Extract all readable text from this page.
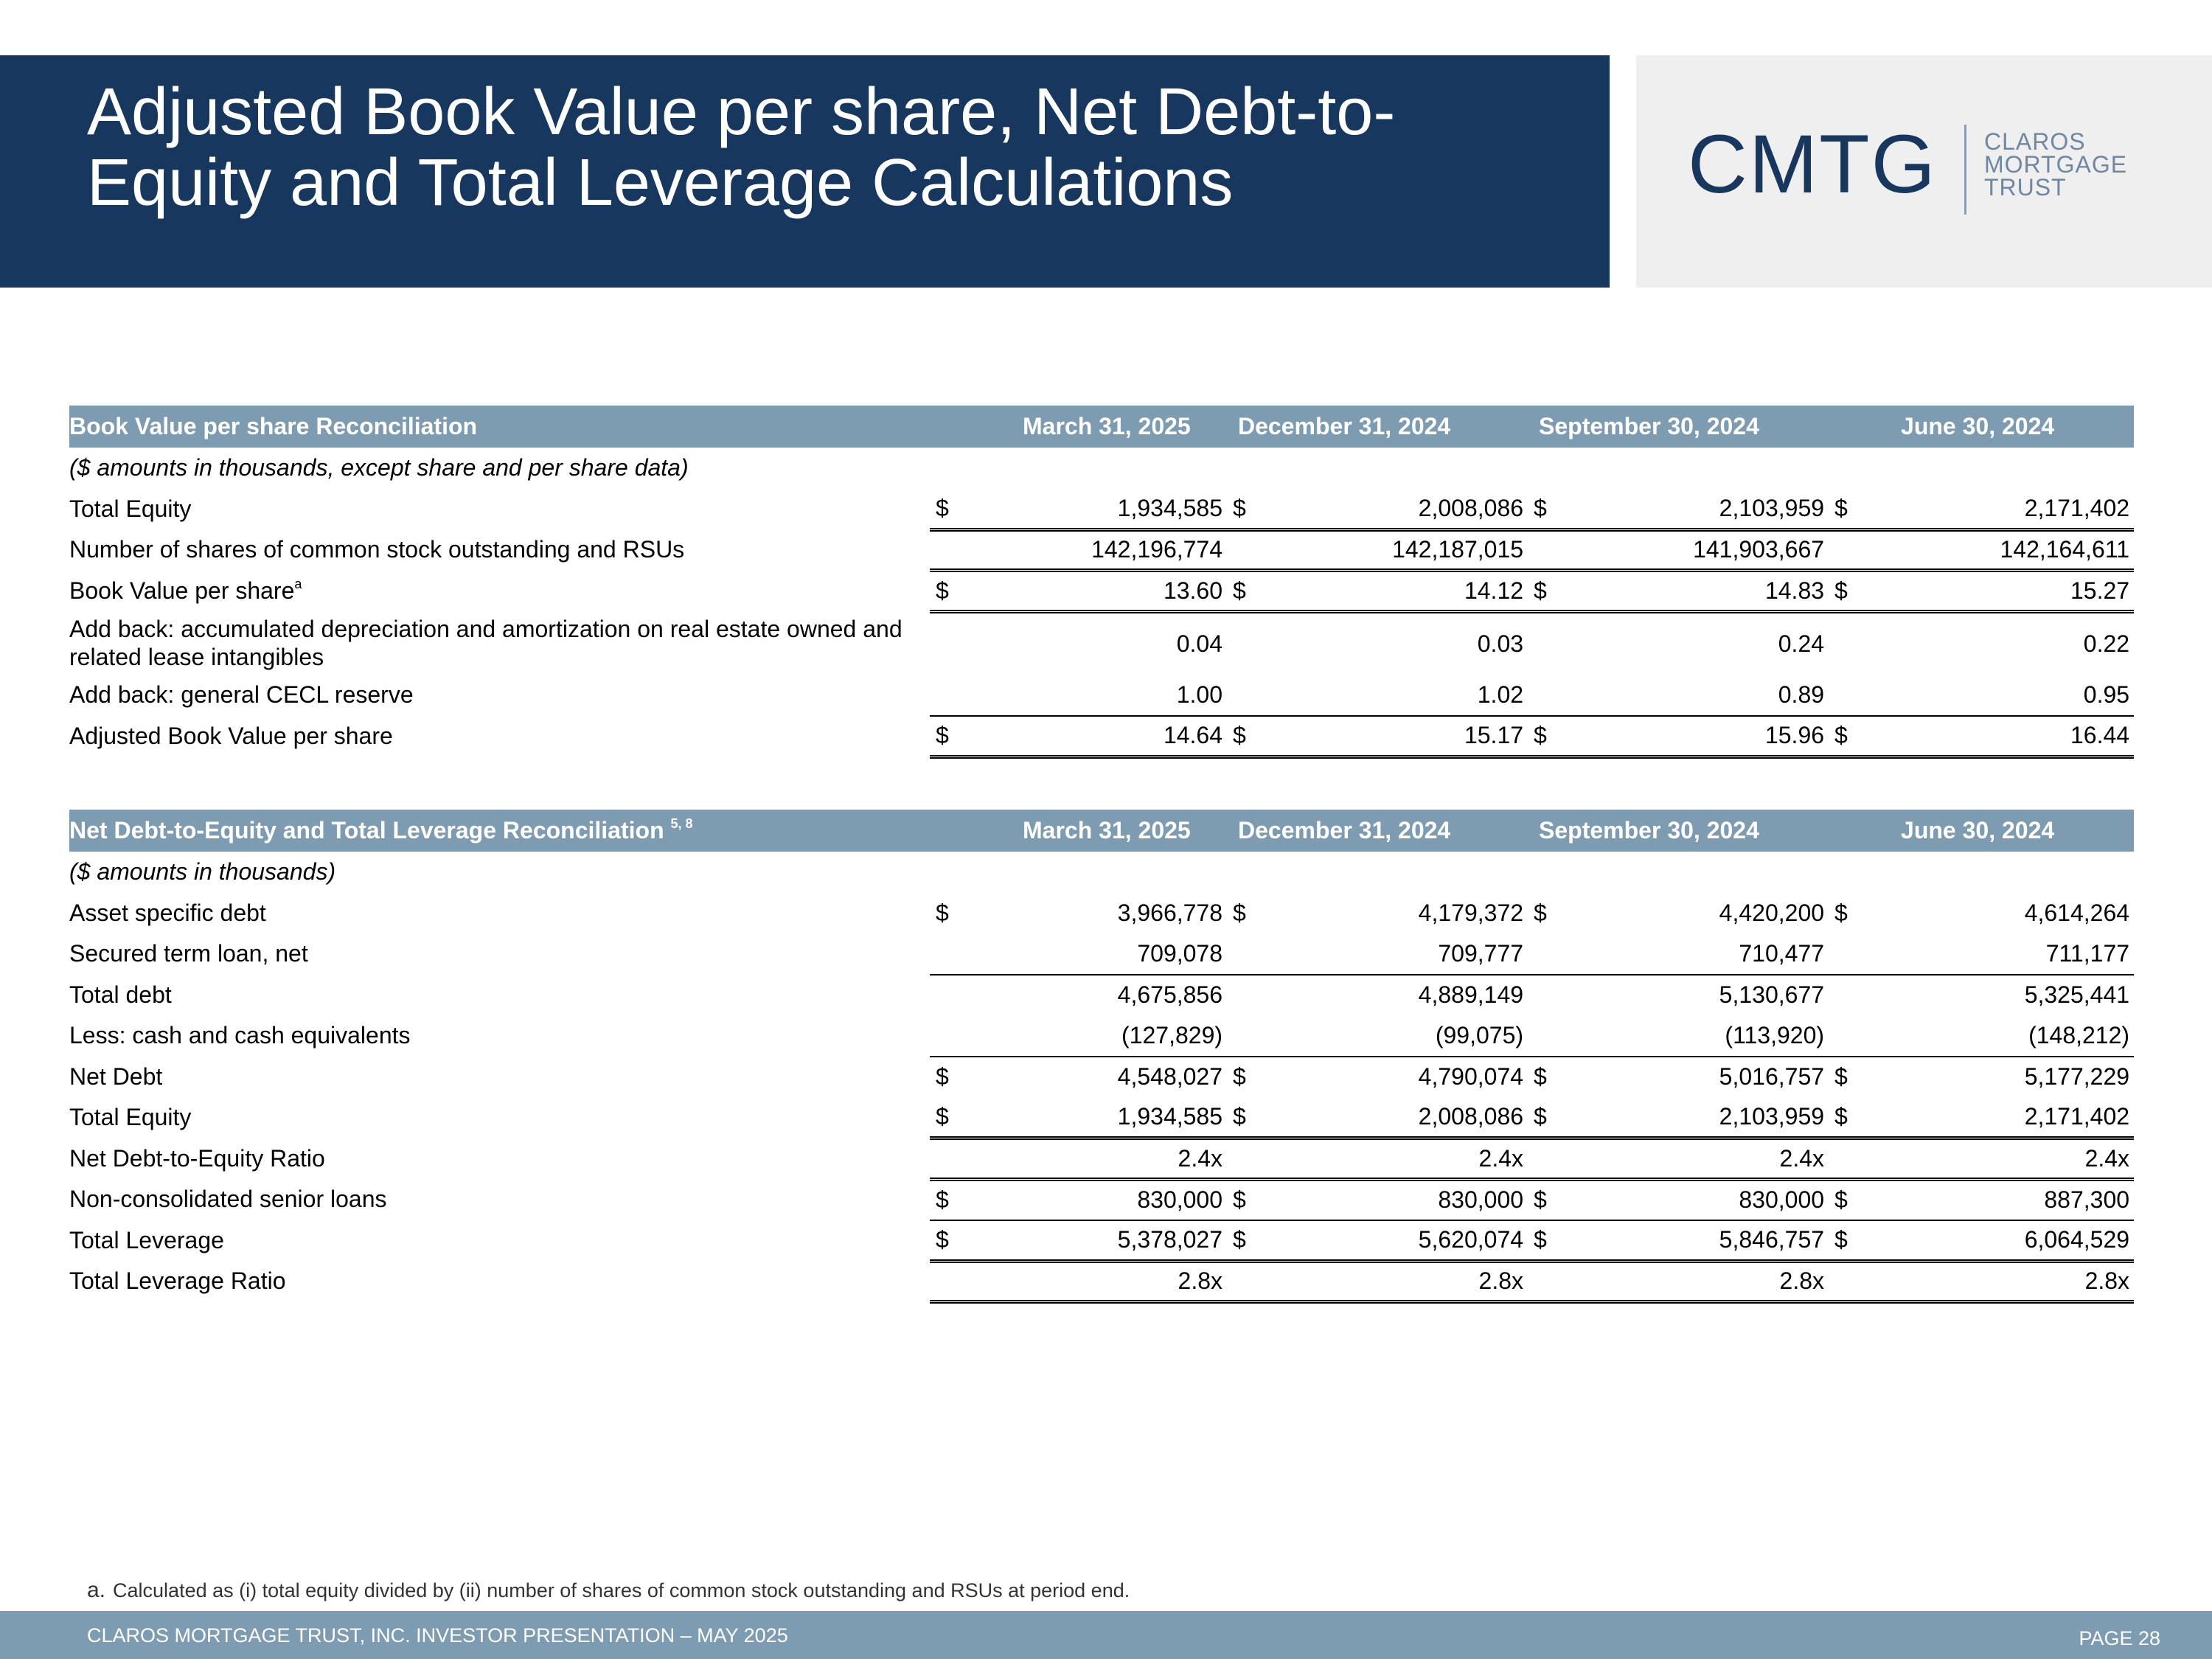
Adjusted Book Value per share, Net Debt-to-Equity and Total Leverage Calculations	CMTG CLAROS
MORTGAGE
TRUST
Book Value per share Reconciliation	March 31, 2025		December 31, 2024		September 30, 2024		June 30, 2024	
($ amounts in thousands, except share and per share data)								
Total Equity	$	1,934,585	$	2,008,086	$	2,103,959	$	2,171,402
Number of shares of common stock outstanding and RSUs		142,196,774		142,187,015		141,903,667		142,164,611
Book Value per share$^a$	$	13.60	$	14.12	$	14.83	$	15.27
Add back: accumulated depreciation and amortization on real estate owned and related lease intangibles		0.04		0.03		0.24		0.22
Add back: general CECL reserve		1.00		1.02		0.89		0.95
Adjusted Book Value per share	$	14.64	$	15.17	$	15.96	$	16.44
Net Debt-to-Equity and Total Leverage Reconciliation $^{5, 8}$	March 31, 2025		December 31, 2024		September 30, 2024		June 30, 2024	
($ amounts in thousands)								
Asset specific debt	$	3,966,778	$	4,179,372	$	4,420,200	$	4,614,264
Secured term loan, net		709,078		709,777		710,477		711,177
Total debt		4,675,856		4,889,149		5,130,677		5,325,441
Less: cash and cash equivalents		(127,829)		(99,075)		(113,920)		(148,212)
Net Debt	$	4,548,027	$	4,790,074	$	5,016,757	$	5,177,229
Total Equity	$	1,934,585	$	2,008,086	$	2,103,959	$	2,171,402
Net Debt-to-Equity Ratio		2.4x		2.4x		2.4x		2.4x
Non-consolidated senior loans	$	830,000	$	830,000	$	830,000	$	887,300
Total Leverage	$	5,378,027	$	5,620,074	$	5,846,757	$	6,064,529
Total Leverage Ratio		2.8x		2.8x		2.8x		2.8x
a. Calculated as (i) total equity divided by (ii) number of shares of common stock outstanding and RSUs at period end.
CLAROS MORTGAGE TRUST, INC. INVESTOR PRESENTATION – MAY 2025	PAGE 28
